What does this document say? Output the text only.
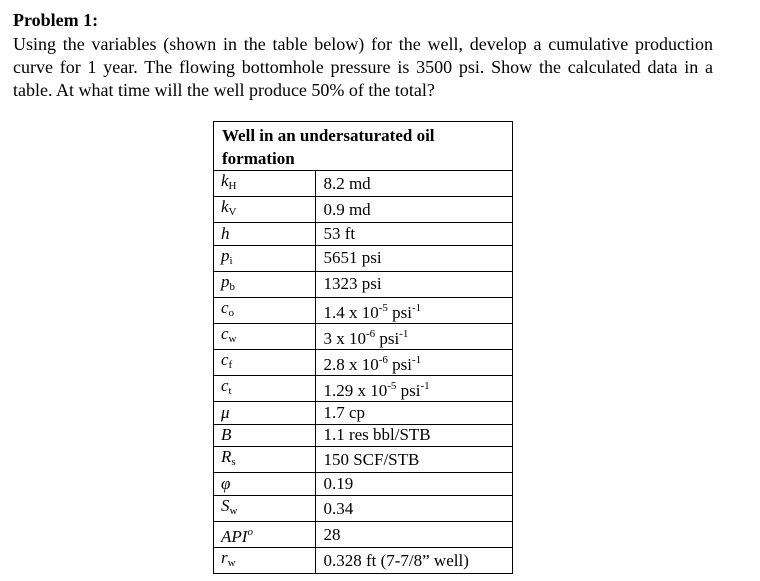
Problem 1:
Using the variables (shown in the table below) for the well, develop a cumulative production curve for 1 year. The flowing bottomhole pressure is 3500 psi. Show the calculated data in a table. At what time will the well produce 50% of the total?
Well in an undersaturated oil formation	
$k_H$	8.2 md
$k_V$	0.9 md
h	53 ft
$p_i$	5651 psi
$p_b$	1323 psi
$c_o$	1.4 x $10^{-5}$ psi$^{-1}$
$c_w$	3 x $10^{-6}$ psi$^{-1}$
$c_f$	2.8 x $10^{-6}$ psi$^{-1}$
$c_t$	1.29 x $10^{-5}$ psi$^{-1}$
μ	1.7 cp
B	1.1 res bbl/STB
$R_s$	150 SCF/STB
φ	0.19
$S_w$	0.34
API$^o$	28
$r_w$	0.328 ft (7-7/8” well)
